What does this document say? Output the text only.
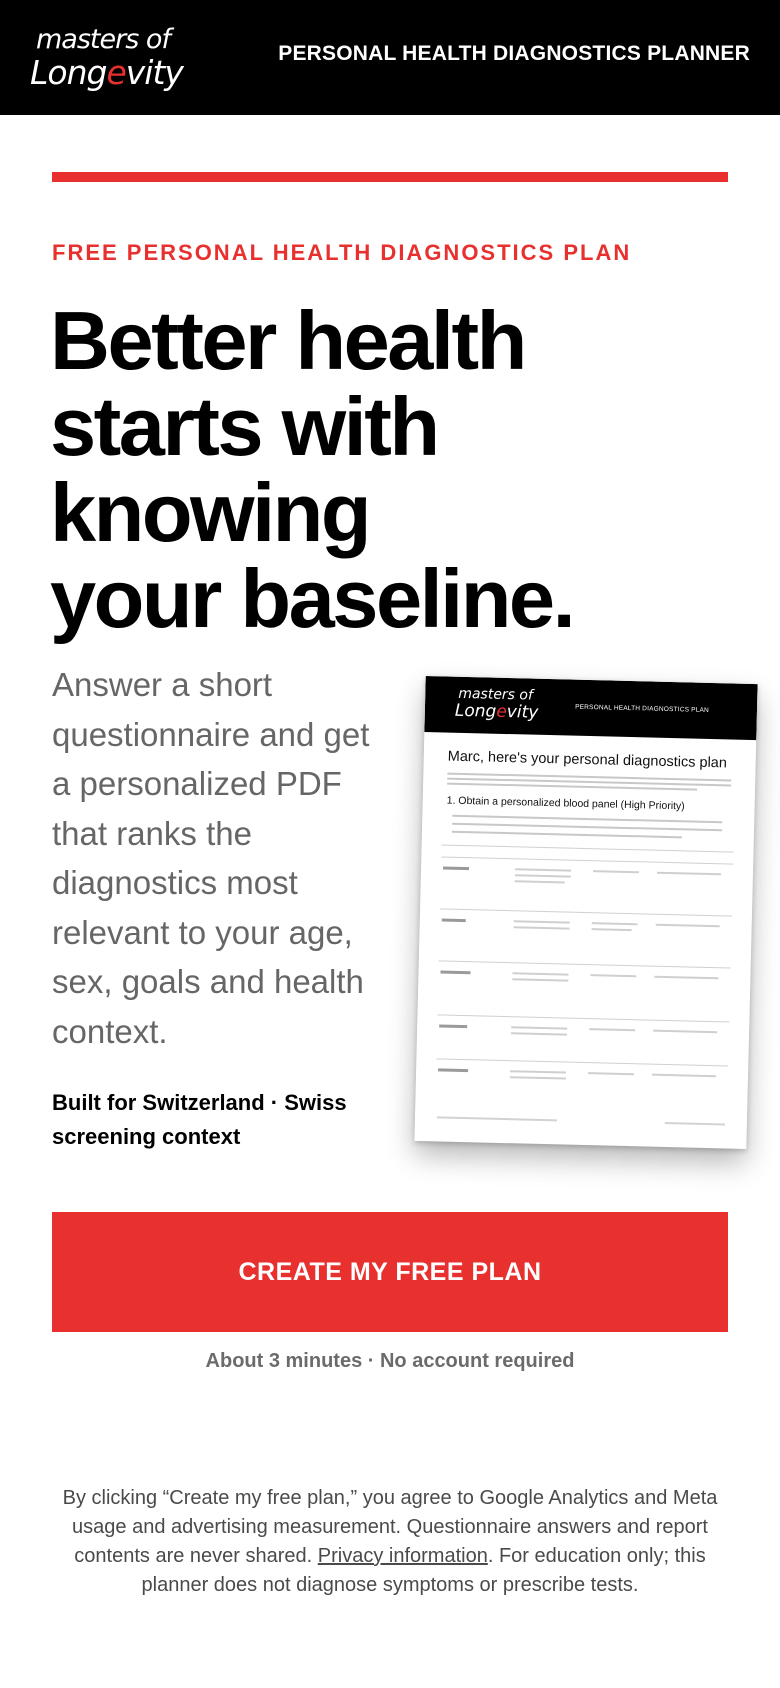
masters of
Longevity	PERSONAL HEALTH DIAGNOSTICS PLANNER
FREE PERSONAL HEALTH DIAGNOSTICS PLAN
Better health
starts with
knowing
your baseline.

Answer a short questionnaire and get a personalized PDF that ranks the diagnostics most relevant to your age, sex, goals and health context.

Built for Switzerland · Swiss screening context

masters of
Longevity	PERSONAL HEALTH DIAGNOSTICS PLAN
Marc, here's your personal diagnostics plan
1. Obtain a personalized blood panel (High Priority)
CREATE MY FREE PLAN
About 3 minutes · No account required

By clicking “Create my free plan,” you agree to Google Analytics and Meta usage and advertising measurement. Questionnaire answers and report contents are never shared. Privacy information. For education only; this planner does not diagnose symptoms or prescribe tests.
